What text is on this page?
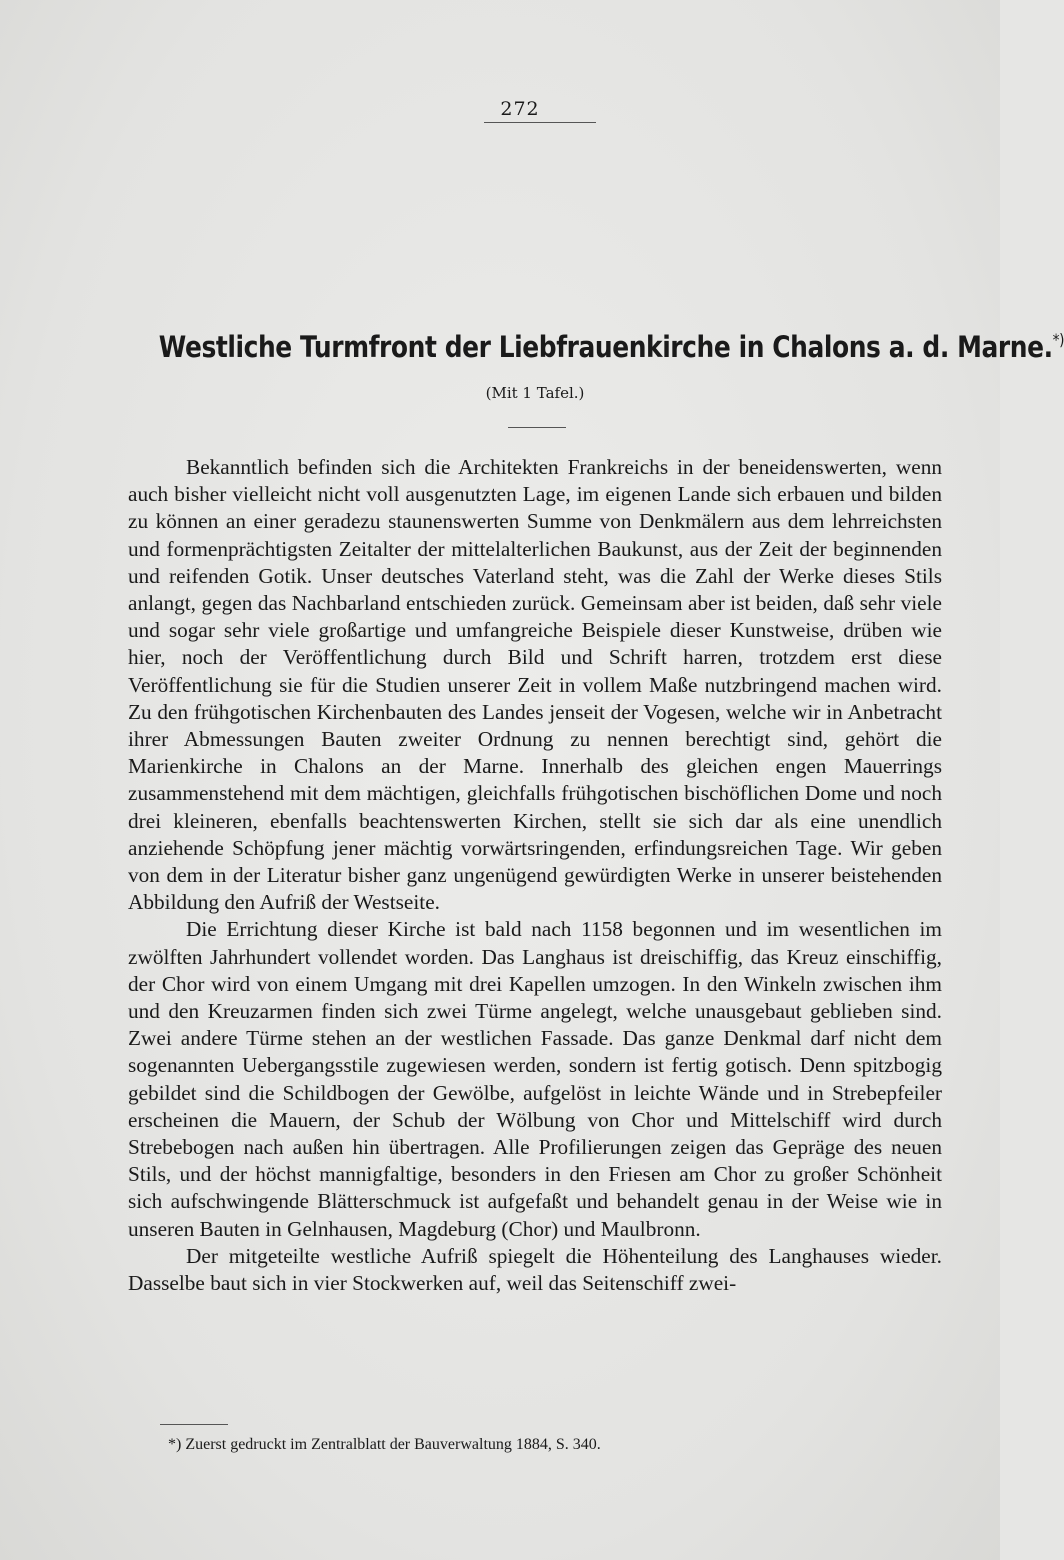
272
Westliche Turmfront der Liebfrauenkirche in Chalons a. d. Marne.*)
(Mit 1 Tafel.)

Bekanntlich befinden sich die Architekten Frankreichs in der beneidenswerten, wenn auch bisher vielleicht nicht voll ausgenutzten Lage, im eigenen Lande sich erbauen und bilden zu können an einer geradezu staunenswerten Summe von Denkmälern aus dem lehrreichsten und formenprächtigsten Zeitalter der mittelalterlichen Baukunst, aus der Zeit der beginnenden und reifenden Gotik. Unser deutsches Vaterland steht, was die Zahl der Werke dieses Stils anlangt, gegen das Nachbarland entschieden zurück. Gemeinsam aber ist beiden, daß sehr viele und sogar sehr viele großartige und umfangreiche Beispiele dieser Kunstweise, drüben wie hier, noch der Veröffentlichung durch Bild und Schrift harren, trotzdem erst diese Veröffentlichung sie für die Studien unserer Zeit in vollem Maße nutzbringend machen wird. Zu den frühgotischen Kirchenbauten des Landes jenseit der Vogesen, welche wir in Anbetracht ihrer Abmessungen Bauten zweiter Ordnung zu nennen berechtigt sind, gehört die Marienkirche in Chalons an der Marne. Innerhalb des gleichen engen Mauerrings zusammenstehend mit dem mächtigen, gleichfalls frühgotischen bischöflichen Dome und noch drei kleineren, ebenfalls beachtenswerten Kirchen, stellt sie sich dar als eine unendlich anziehende Schöpfung jener mächtig vorwärtsringenden, erfindungsreichen Tage. Wir geben von dem in der Literatur bisher ganz ungenügend gewürdigten Werke in unserer beistehenden Abbildung den Aufriß der Westseite.

Die Errichtung dieser Kirche ist bald nach 1158 begonnen und im wesentlichen im zwölften Jahrhundert vollendet worden. Das Langhaus ist dreischiffig, das Kreuz einschiffig, der Chor wird von einem Umgang mit drei Kapellen umzogen. In den Winkeln zwischen ihm und den Kreuzarmen finden sich zwei Türme angelegt, welche unausgebaut geblieben sind. Zwei andere Türme stehen an der westlichen Fassade. Das ganze Denkmal darf nicht dem sogenannten Uebergangsstile zugewiesen werden, sondern ist fertig gotisch. Denn spitzbogig gebildet sind die Schildbogen der Gewölbe, aufgelöst in leichte Wände und in Strebepfeiler erscheinen die Mauern, der Schub der Wölbung von Chor und Mittelschiff wird durch Strebebogen nach außen hin übertragen. Alle Profilierungen zeigen das Gepräge des neuen Stils, und der höchst mannigfaltige, besonders in den Friesen am Chor zu großer Schönheit sich aufschwingende Blätterschmuck ist aufgefaßt und behandelt genau in der Weise wie in unseren Bauten in Gelnhausen, Magdeburg (Chor) und Maulbronn.

Der mitgeteilte westliche Aufriß spiegelt die Höhenteilung des Langhauses wieder. Dasselbe baut sich in vier Stockwerken auf, weil das Seitenschiff zwei-

*) Zuerst gedruckt im Zentralblatt der Bauverwaltung 1884, S. 340.
